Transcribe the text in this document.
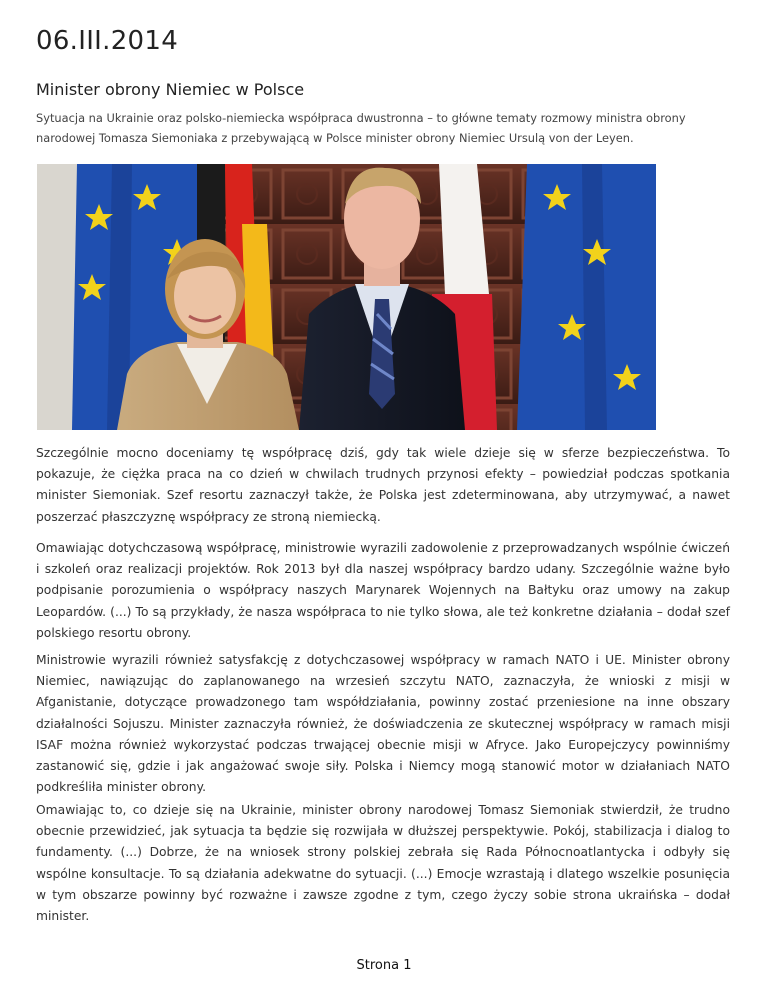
06.III.2014
Minister obrony Niemiec w Polsce
Sytuacja na Ukrainie oraz polsko-niemiecka współpraca dwustronna – to główne tematy rozmowy ministra obrony narodowej Tomasza Siemoniaka z przebywającą w Polsce minister obrony Niemiec Ursulą von der Leyen.

Szczególnie mocno doceniamy tę współpracę dziś, gdy tak wiele dzieje się w sferze bezpieczeństwa. To pokazuje, że ciężka praca na co dzień w chwilach trudnych przynosi efekty – powiedział podczas spotkania minister Siemoniak. Szef resortu zaznaczył także, że Polska jest zdeterminowana, aby utrzymywać, a nawet poszerzać płaszczyznę współpracy ze stroną niemiecką.

Omawiając dotychczasową współpracę, ministrowie wyrazili zadowolenie z przeprowadzanych wspólnie ćwiczeń i szkoleń oraz realizacji projektów. Rok 2013 był dla naszej współpracy bardzo udany. Szczególnie ważne było podpisanie porozumienia o współpracy naszych Marynarek Wojennych na Bałtyku oraz umowy na zakup Leopardów. (...) To są przykłady, że nasza współpraca to nie tylko słowa, ale też konkretne działania – dodał szef polskiego resortu obrony.

Ministrowie wyrazili również satysfakcję z dotychczasowej współpracy w ramach NATO i UE. Minister obrony Niemiec, nawiązując do zaplanowanego na wrzesień szczytu NATO, zaznaczyła, że wnioski z misji w Afganistanie, dotyczące prowadzonego tam współdziałania, powinny zostać przeniesione na inne obszary działalności Sojuszu. Minister zaznaczyła również, że doświadczenia ze skutecznej współpracy w ramach misji ISAF można również wykorzystać podczas trwającej obecnie misji w Afryce. Jako Europejczycy powinniśmy zastanowić się, gdzie i jak angażować swoje siły. Polska i Niemcy mogą stanowić motor w działaniach NATO podkreśliła minister obrony.

Omawiając to, co dzieje się na Ukrainie, minister obrony narodowej Tomasz Siemoniak stwierdził, że trudno obecnie przewidzieć, jak sytuacja ta będzie się rozwijała w dłuższej perspektywie. Pokój, stabilizacja i dialog to fundamenty. (...) Dobrze, że na wniosek strony polskiej zebrała się Rada Północnoatlantycka i odbyły się wspólne konsultacje. To są działania adekwatne do sytuacji. (...) Emocje wzrastają i dlatego wszelkie posunięcia w tym obszarze powinny być rozważne i zawsze zgodne z tym, czego życzy sobie strona ukraińska – dodał minister.

Strona 1
